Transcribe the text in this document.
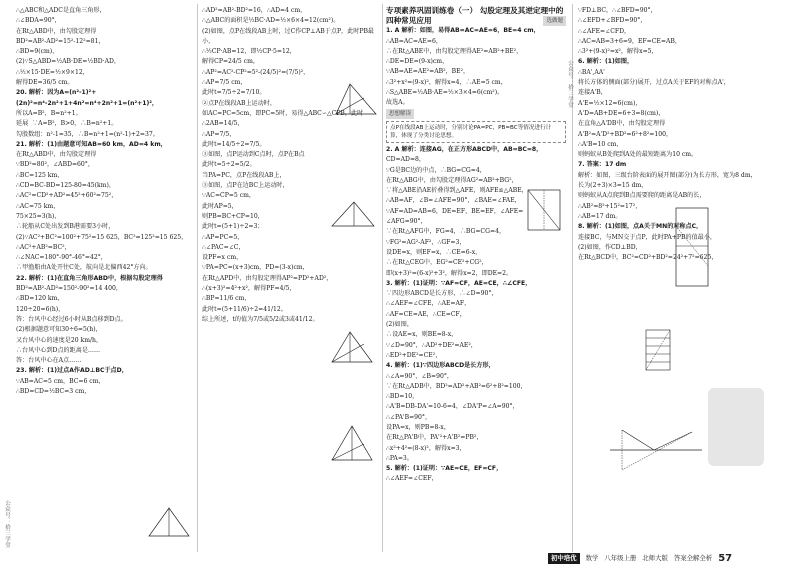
公众号：拾三学堂
公众号：拾三学堂

∴△ABC和△ADC是直角三角形，

∴∠BDA=90°，

在Rt△ABD中，由勾股定理得

BD²=AB²-AD²=15²-12²=81，

∴BD=9(cm)，

(2)∵S△ABD=½AB·DE=½BD·AD，

∴½×15·DE=½×9×12，

解得DE=36/5 cm。

20. 解析：因为A=(n²-1)²+(2n)²=n⁴-2n²+1+4n²=n⁴+2n²+1=(n²+1)²，

所以A=B²，B=n²+1。

延展  ∵A=B²，B>0，∴B=n²+1。

勾股数组：n²-1=35，∴B=n²+1=(n²-1)+2=37。

21. 解析：(1)由题意可知AB=60 km，AD=4 km，

在Rt△ABD中，由勾股定理得

∵BD²=80²，∠ABD=60°，

∴BC=125 km，

∴CD=BC-BD=125-80=45(km)，

∴AC²=CD²+AD²=45²+60²=75²，

∴AC=75 km，

75×25=3(h)，

∴轮船从C处出发到B港需要3小时，

(2)∵AC²+BC²=100²+75²=15 625，BC²=125²=15 625，

∴AC²+AB²=BC²，

∴∠NAC=180°-90°-46°=42°，

∴甲渔船由A处开往C处，航向是北偏西42°方向。

22. 解析：(1)在直角三角形ABD中，根据勾股定理得

BD²=AB²-AD²=150²-90²=14 400，

∴BD=120 km，

120÷20=6(h)，

答：台风中心经过6小时从B点移到D点。

(2)根据题意可知30÷6=5(h)，

又台风中心的速度是20 km/h，

∴台风中心到D点的距离是……

答：台风中心在A点……

23. 解析：(1)过点A作AD⊥BC于点D，

∵AB=AC=5 cm，BC=6 cm，

∴BD=CD=½BC=3 cm，

∴AD²=AB²-BD²=16，∴AD=4 cm，

∴△ABC的面积是½BC·AD=½×6×4=12(cm²)。

(2)如图，点P在线段AB上时，过C作CP⊥AB于点P，此时PB最小，

∴½CP·AB=12，即½CP·5=12，

解得CP=24/5 cm，

∴AP²=AC²-CP²=5²-(24/5)²=(7/5)²，

∴AP=7/5 cm，

此时t=7/5÷2=7/10。

②点P在线段AB上运动时，

如AC=PC=5cm，即PC=5时，易得△ABC∽△CPB，此时

∴2AB=14/5，

∴AP=7/5，

此时t=14/5÷2=7/5。

③如图，点P运动到C点时，点P在B点

此时t=5÷2=5/2。

当PA=PC，点P在线段AB上，

③如图，点P在边BC上运动时，

∵AC=CP=5 cm，

此时AP=5，

则PB=BC+CP=10，

此时t=(5+1)÷2=3；

∴AP=PC=5，

∴∠PAC=∠C，

设PF=x cm，

∵PA=PC=(x+3)cm，PD=(3-x)cm，

在Rt△APD中，由勾股定理得AP²=PD²+AD²，

∴(x+3)²=4²+x²，解得PF=4/5，

∴BP=11/6 cm，

此时t=(5+11/6)÷2=41/12。

综上所述，t的值为7/5或5/2或3或41/12。

专项素养巩固训练卷（一） 勾股定理及其逆定理中的四种常见应用	选做题

1. A 解析：如图，易得AB=AC=AE=6，BE=4 cm，

∴AB=AC=AE=6，

∴在Rt△ABE中，由勾股定理得AE²=AB²+BE²，

∴DE=DE=(9-x)cm，

∵AB=AE=AE²=AB²，BE²，

∴3²+x²=(9-x)²，解得x=4，∴AE=5 cm，

∴S△ABE=½AB·AE=½×3×4=6(cm²)。

故选A。

思想解读
点P在线段AB上运动时，分别讨论PA=PC，PB=BC等情况进行计算，体现了分类讨论思想。

2. A 解析：连接AG，在正方形ABCD中，AB=BC=8，

CD=AD=8，

∵G是BC边的中点，∴BG=CG=4，

在Rt△ABG中，由勾股定理得AG²=AB²+BG²，

∵将△ABE沿AE折叠得到△AFE，则AFE≌△ABE，

∴AB=AF，∠B=∠AFE=90°，∠BAE=∠FAE，

∵AF=AD=AB=6，DE=EF，BE=EF，∠AFE=

∠AFG=90°，

∵在Rt△AFG中，FG=4，∴BG=CG=4，

∵FG²=AG²-AF²，∴GF=3，

设DE=x，则EF=x，∴CE=6-x，

∴在Rt△CEG中，EG²=CE²+CG²，

即(x+3)²=(6-x)²+3²，解得x=2，即DE=2。

3. 解析：(1)证明：∵AF=CF，AE=CE，∴∠CFE，

∵四边形ABCD是长方形，∴∠D=90°，

∴∠AEF=∠CFE，∴AE=AF，

∴AF=CE=AE，∴CE=CF，

(2)如图，

∴设AE=x，则BE=8-x，

∵∠D=90°，∴AD²+DE²=AE²，

∴ED²+DE²=CE²，

4. 解析：(1)∵四边形ABCD是长方形，

∴∠A=90°，∠B=90°，

∵在Rt△ADB中，BD²=AD²+AB²=6²+8²=100，

∴BD=10，

∴A'B=DB-DA'=10-6=4，∠DA'P=∠A=90°，

∴∠PA'B=90°，

设PA=x，则PB=8-x，

在Rt△PA'B中，PA'²+A'B²=PB²，

∴x²+4²=(8-x)²，解得x=3，

∴PA=3。

5. 解析：(1)证明：∵AE=CE，EF=CF，

∴∠AEF=∠CEF，

∵FD⊥BC，∴∠BFD=90°，

∴∠EFD+∠BFD=90°，

∴∠AFE=∠CFD，

∴AC=AB=3+6=9，EF=CE=AB，

∴3²+(9-x)²=x²，解得x=5，

6. 解析：(1)如图，

∴BA',AA'

将长方体的侧面(部分)展开，过点A关于EF的对称点A'，

连接A'B，

A'E=½×12=6(cm)，

A'D=AB+DE=6+3=8(cm)，

在直角△A'DB中，由勾股定理得

A'B²=A'D²+BD²=6²+8²=100，

∴A'B=10 cm，

则蚂蚁从B处爬到A处的最短距离为10 cm。

7. 答案：17 dm

解析：如图，三级台阶表面的展开图(部分)为长方形，宽为8 dm，长为(2+3)×3=15 dm，

则蚂蚁从A点爬到B点需要爬的距离是AB的长，

∴AB²=8²+15²=17²，

∴AB=17 dm。

8. 解析：(1)如图，点A关于MN的对称点C，

连接BC，与MN交于点P，此时PA+PB的值最小，

(2)如图，作CD⊥BD，

在Rt△BCD中，BC²=CD²+BD²=24²+7²=625，

初中培优	数学 八年级上册 北师大版 答案全解全析 57
